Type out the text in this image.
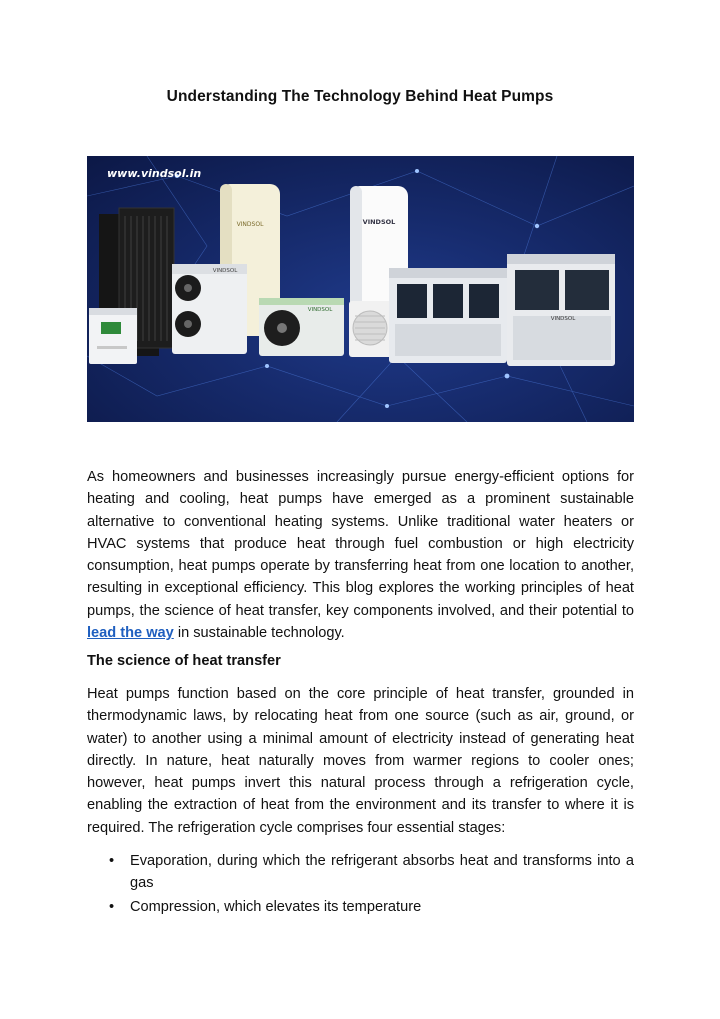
Understanding The Technology Behind Heat Pumps
VINDSOL
VINDSOL
VINDSOL
VINDSOL
VINDSOL
www.vindsol.in
As homeowners and businesses increasingly pursue energy-efficient options for heating and cooling, heat pumps have emerged as a prominent sustainable alternative to conventional heating systems. Unlike traditional water heaters or HVAC systems that produce heat through fuel combustion or high electricity consumption, heat pumps operate by transferring heat from one location to another, resulting in exceptional efficiency. This blog explores the working principles of heat pumps, the science of heat transfer, key components involved, and their potential to lead the way in sustainable technology.
The science of heat transfer
Heat pumps function based on the core principle of heat transfer, grounded in thermodynamic laws, by relocating heat from one source (such as air, ground, or water) to another using a minimal amount of electricity instead of generating heat directly. In nature, heat naturally moves from warmer regions to cooler ones; however, heat pumps invert this natural process through a refrigeration cycle, enabling the extraction of heat from the environment and its transfer to where it is required. The refrigeration cycle comprises four essential stages:
• Evaporation, during which the refrigerant absorbs heat and transforms into a gas
• Compression, which elevates its temperature
